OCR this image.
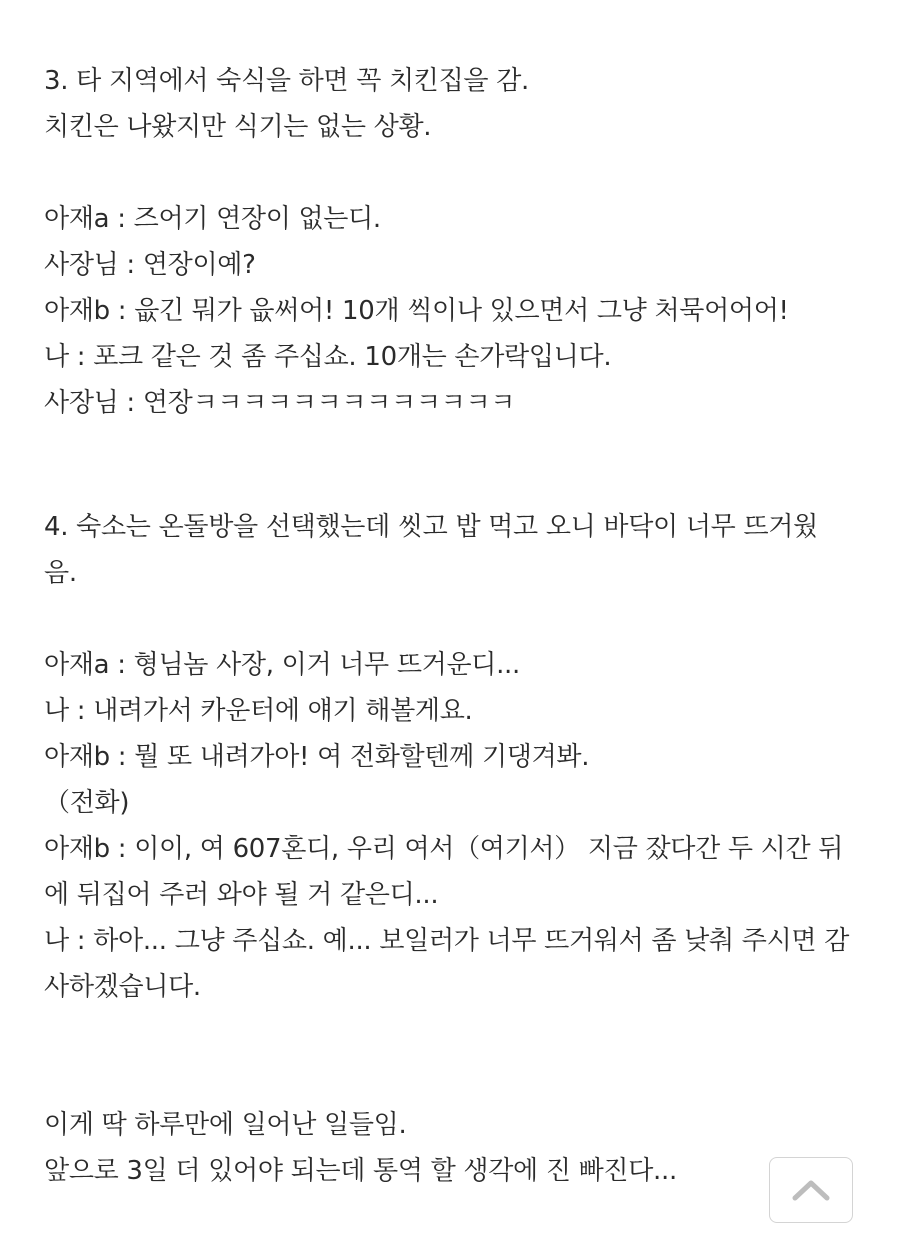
3. 타 지역에서 숙식을 하면 꼭 치킨집을 감.
치킨은 나왔지만 식기는 없는 상황.
아재a : 즈어기 연장이 없는디.
사장님 : 연장이예?
아재b : 읎긴 뭐가 읎써어! 10개 씩이나 있으면서 그냥 처묵어어어!
나 : 포크 같은 것 좀 주십쇼. 10개는 손가락입니다.
사장님 : 연장ㅋㅋㅋㅋㅋㅋㅋㅋㅋㅋㅋㅋㅋ
4. 숙소는 온돌방을 선택했는데 씻고 밥 먹고 오니 바닥이 너무 뜨거웠
음.
아재a : 형님놈 사장, 이거 너무 뜨거운디...
나 : 내려가서 카운터에 얘기 해볼게요.
아재b : 뭘 또 내려가아! 여 전화할텐께 기댕겨봐.
（전화)
아재b : 이이, 여 607혼디, 우리 여서（여기서） 지금 잤다간 두 시간 뒤
에 뒤집어 주러 와야 될 거 같은디...
나 : 하아... 그냥 주십쇼. 예... 보일러가 너무 뜨거워서 좀 낮춰 주시면 감
사하겠습니다.
이게 딱 하루만에 일어난 일들임.
앞으로 3일 더 있어야 되는데 통역 할 생각에 진 빠진다...
